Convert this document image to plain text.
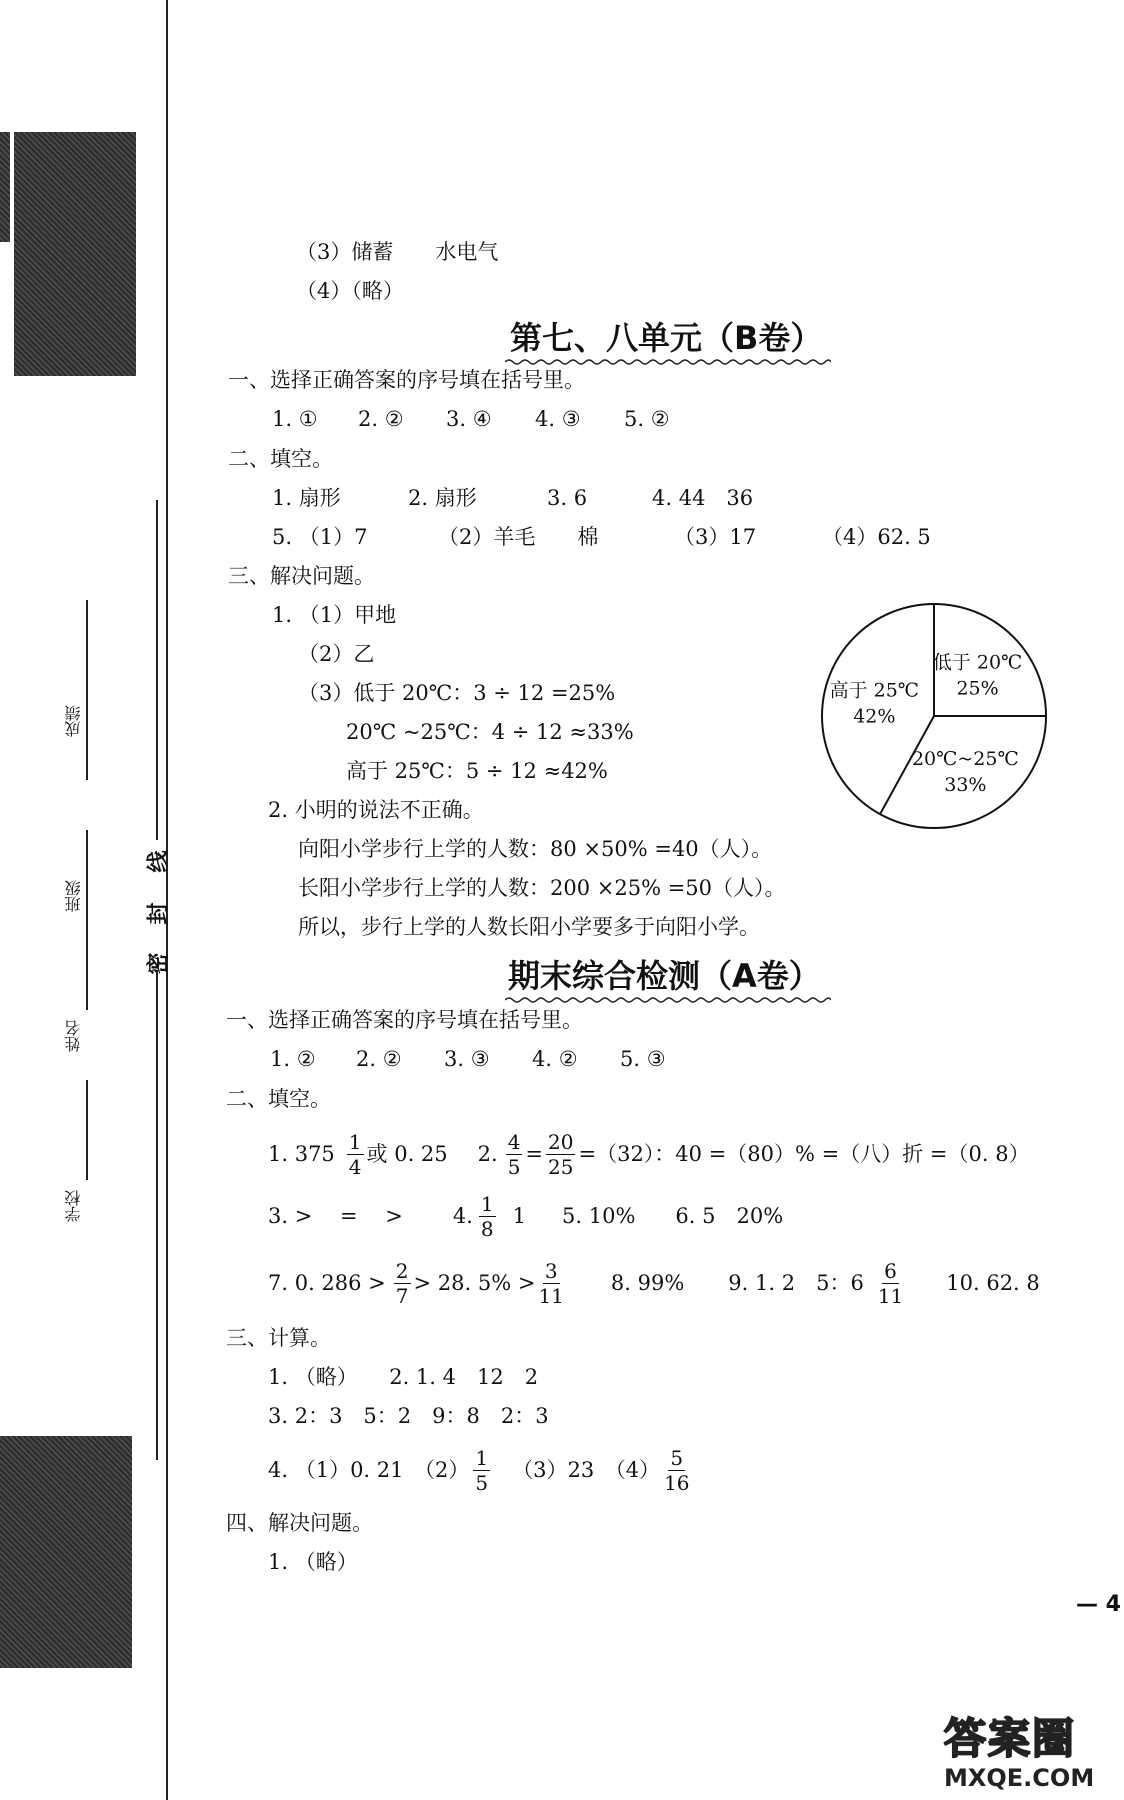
密
封
线
学校
姓名
班级
成绩
（3）储蓄　　水电气
（4）（略）
第七、八单元（B卷）
一、选择正确答案的序号填在括号里。
1. ① 2. ② 3. ④ 4. ③ 5. ②
二、填空。
1. 扇形	2. 扇形	3. 6	4. 44　36
5. （1）7	（2）羊毛　　棉	（3）17	（4）62. 5
三、解决问题。
1. （1）甲地
（2）乙
（3）低于 20℃：3 ÷ 12 =25%
20℃ ~25℃：4 ÷ 12 ≈33%
高于 25℃：5 ÷ 12 ≈42%
2. 小明的说法不正确。
向阳小学步行上学的人数：80 ×50% =40（人）。
长阳小学步行上学的人数：200 ×25% =50（人）。
所以，步行上学的人数长阳小学要多于向阳小学。
低于 20℃
25%
20℃~25℃
33%
高于 25℃
42%
期末综合检测（A卷）
一、选择正确答案的序号填在括号里。
1. ② 2. ② 3. ③ 4. ② 5. ③
二、填空。
1. $375 \frac{1}{4}$ 或 0. 25 2. $\frac{4}{5} = \frac{20}{25} =(32)$：40 =（80）% =（八）折 =（0. 8）
3. >　 =　 > 4. $\frac{1}{8} 1$ 5. 10% 6. 5　20%
7. 0. $286 > \frac{2}{7} > 28$. $5\% > \frac{3}{11} 8$. 99% 9. 1. 2　5：$6 \frac{6}{11} 10$. 62. 8
三、计算。
1. （略）　　2. 1. 4　12　2
3. 2：3　5：2　9：8　2：3
4. （1）0. 21　$(2) \frac{1}{5} (3)23$　$(4) \frac{5}{16}$
四、解决问题。
1. （略）
— 4
答案圈
MXQE.COM
